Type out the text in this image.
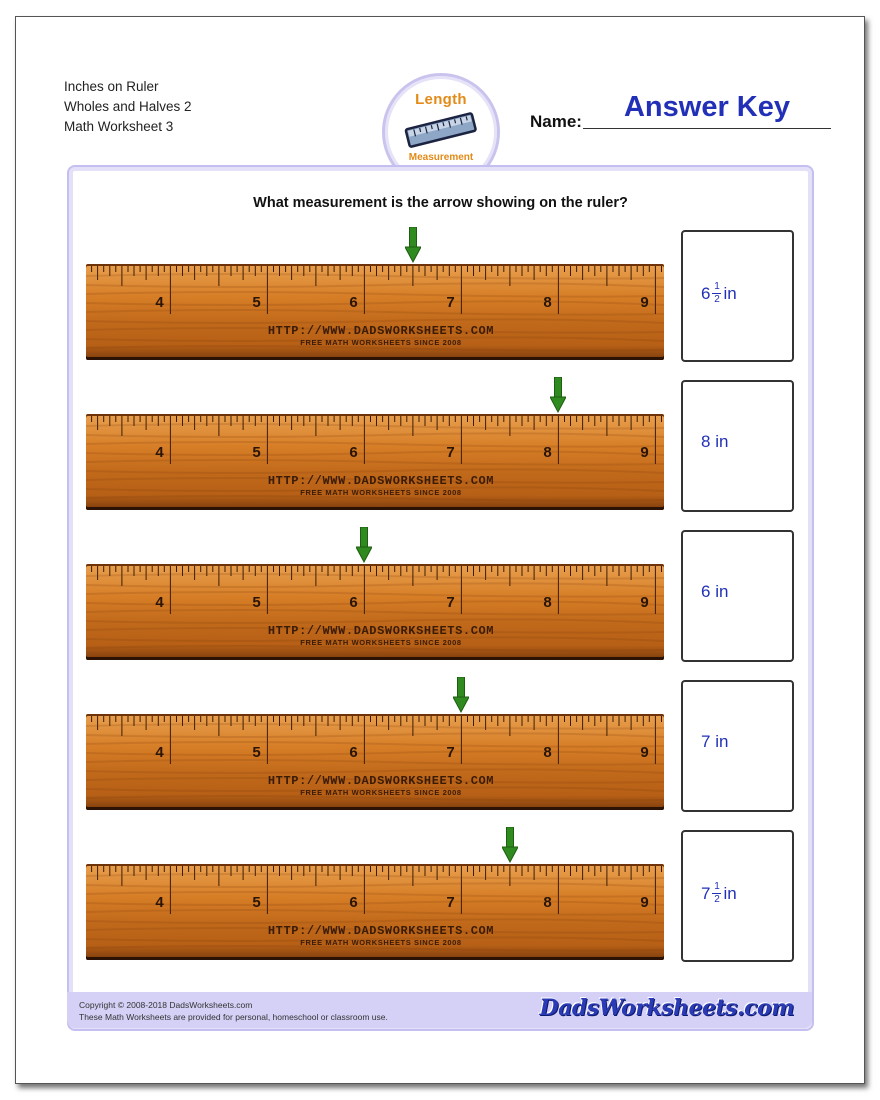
Inches on Ruler
Wholes and Halves 2
Math Worksheet 3
Length
Measurement
Name:	Answer Key
What measurement is the arrow showing on the ruler?
4	5	6	7	8	9
HTTP://WWW.DADSWORKSHEETS.COM
FREE MATH WORKSHEETS SINCE 2008
$6 \frac{1}{2}$ in
4	5	6	7	8	9
HTTP://WWW.DADSWORKSHEETS.COM
FREE MATH WORKSHEETS SINCE 2008
8 in
4	5	6	7	8	9
HTTP://WWW.DADSWORKSHEETS.COM
FREE MATH WORKSHEETS SINCE 2008
6 in
4	5	6	7	8	9
HTTP://WWW.DADSWORKSHEETS.COM
FREE MATH WORKSHEETS SINCE 2008
7 in
4	5	6	7	8	9
HTTP://WWW.DADSWORKSHEETS.COM
FREE MATH WORKSHEETS SINCE 2008
$7 \frac{1}{2}$ in
Copyright © 2008-2018 DadsWorksheets.com
These Math Worksheets are provided for personal, homeschool or classroom use.	DadsWorksheets.com
